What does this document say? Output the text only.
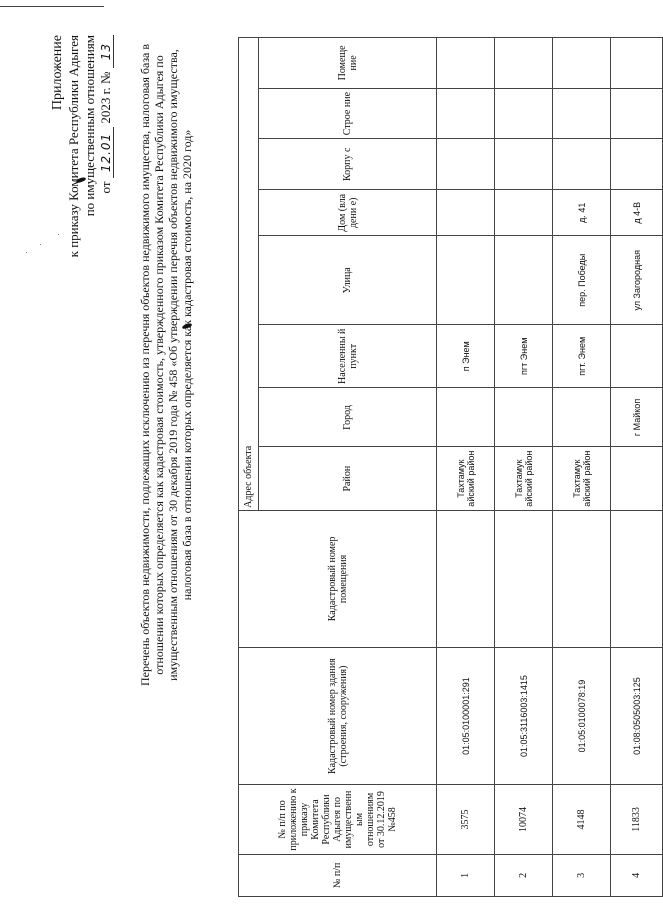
Приложение к приказу Комитета Республики Адыгея по имущественным отношениям от 12.01 2023 г. № 13 Перечень объектов недвижимости, подлежащих исключению из перечня объектов недвижимого имущества, налоговая база в отношении которых определяется как кадастровая стоимость, утвержденного приказом Комитета Республики Адыгея по имущественным отношениям от 30 декабря 2019 года № 458 «Об утверждении перечня объектов недвижимого имущества, налоговая база в отношении которых определяется как кадастровая стоимость, на 2020 год»
№ п/п	№ п/п по приложению к приказу Комитета Республики Адыгея по имущественн ым отношениям от 30.12.2019 №458	Кадастровый номер здания (строения, сооружения)	Кадастровый номер помещения	Адрес объекта							
				Район	Город	Населенны й пункт	Улица	Дом (вла дени е)	Корпу с	Строе ние	Помеще ние
1	3575	01:05:0100001:291		Тахтамук айский район		п Энем					
2	10074	01:05:3116003:1415		Тахтамук айский район		пгт Энем					
3	4148	01:05:0100078:19		Тахтамук айский район		пгт. Энем	пер. Победы	д. 41			
4	11833	01:08:0505003:125			г Майкоп		ул Загородная	д 4-В			
